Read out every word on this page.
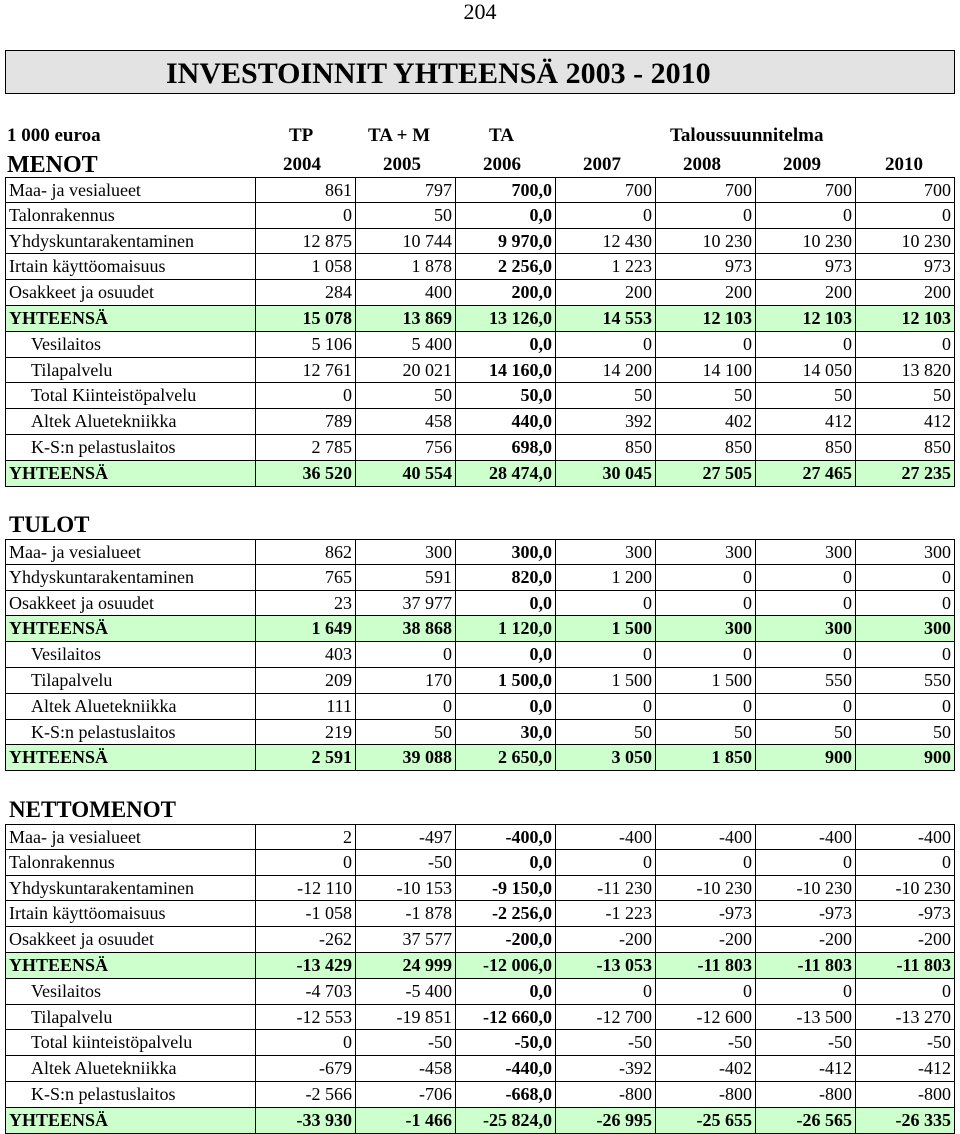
204
INVESTOINNIT YHTEENSÄ 2003 - 2010
1 000 euroa	TP	TA + M	TA	Taloussuunnitelma
MENOT	2004	2005	2006	2007	2008	2009	2010
Maa- ja vesialueet	861	797	700,0	700	700	700	700
Talonrakennus	0	50	0,0	0	0	0	0
Yhdyskuntarakentaminen	12 875	10 744	9 970,0	12 430	10 230	10 230	10 230
Irtain käyttöomaisuus	1 058	1 878	2 256,0	1 223	973	973	973
Osakkeet ja osuudet	284	400	200,0	200	200	200	200
YHTEENSÄ	15 078	13 869	13 126,0	14 553	12 103	12 103	12 103
Vesilaitos	5 106	5 400	0,0	0	0	0	0
Tilapalvelu	12 761	20 021	14 160,0	14 200	14 100	14 050	13 820
Total Kiinteistöpalvelu	0	50	50,0	50	50	50	50
Altek Aluetekniikka	789	458	440,0	392	402	412	412
K-S:n pelastuslaitos	2 785	756	698,0	850	850	850	850
YHTEENSÄ	36 520	40 554	28 474,0	30 045	27 505	27 465	27 235
TULOT
Maa- ja vesialueet	862	300	300,0	300	300	300	300
Yhdyskuntarakentaminen	765	591	820,0	1 200	0	0	0
Osakkeet ja osuudet	23	37 977	0,0	0	0	0	0
YHTEENSÄ	1 649	38 868	1 120,0	1 500	300	300	300
Vesilaitos	403	0	0,0	0	0	0	0
Tilapalvelu	209	170	1 500,0	1 500	1 500	550	550
Altek Aluetekniikka	111	0	0,0	0	0	0	0
K-S:n pelastuslaitos	219	50	30,0	50	50	50	50
YHTEENSÄ	2 591	39 088	2 650,0	3 050	1 850	900	900
NETTOMENOT
Maa- ja vesialueet	2	-497	-400,0	-400	-400	-400	-400
Talonrakennus	0	-50	0,0	0	0	0	0
Yhdyskuntarakentaminen	-12 110	-10 153	-9 150,0	-11 230	-10 230	-10 230	-10 230
Irtain käyttöomaisuus	-1 058	-1 878	-2 256,0	-1 223	-973	-973	-973
Osakkeet ja osuudet	-262	37 577	-200,0	-200	-200	-200	-200
YHTEENSÄ	-13 429	24 999	-12 006,0	-13 053	-11 803	-11 803	-11 803
Vesilaitos	-4 703	-5 400	0,0	0	0	0	0
Tilapalvelu	-12 553	-19 851	-12 660,0	-12 700	-12 600	-13 500	-13 270
Total kiinteistöpalvelu	0	-50	-50,0	-50	-50	-50	-50
Altek Aluetekniikka	-679	-458	-440,0	-392	-402	-412	-412
K-S:n pelastuslaitos	-2 566	-706	-668,0	-800	-800	-800	-800
YHTEENSÄ	-33 930	-1 466	-25 824,0	-26 995	-25 655	-26 565	-26 335
